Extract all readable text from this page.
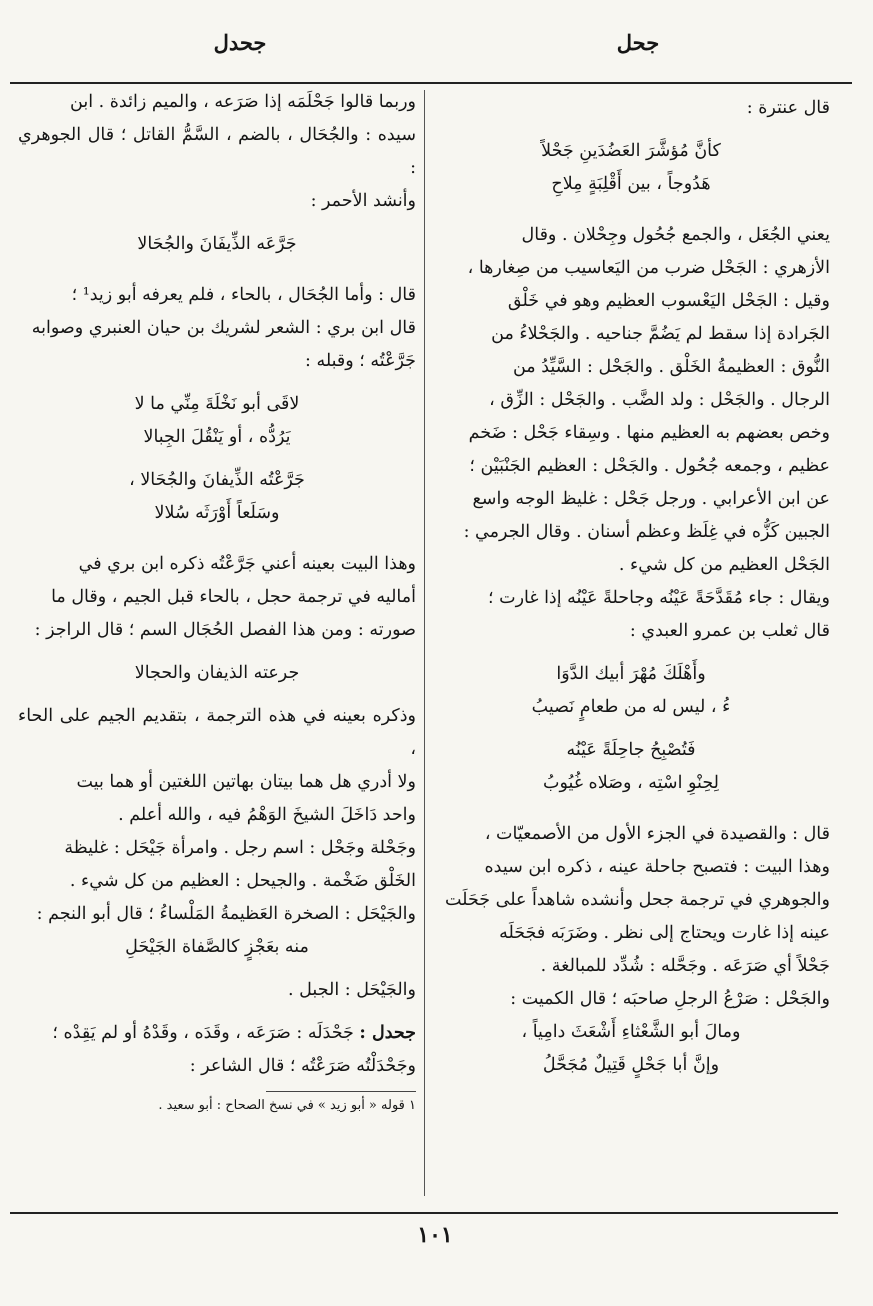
جحل
جحدل

قال عنترة :

كأنَّ مُؤشَّرَ العَضُدَينِ جَحْلاً

هَدُوجاً ، بين أَقْلِبَةٍ مِلاحِ

يعني الجُعَل ، والجمع جُحُول وجِحْلان . وقال

الأزهري : الجَحْل ضرب من اليَعاسيب من صِغارها ،

وقيل : الجَحْل اليَعْسوب العظيم وهو في خَلْق

الجَرادة إذا سقط لم يَضُمَّ جناحيه . والجَحْلاءُ من

النُّوق : العظيمةُ الخَلْق . والجَحْل : السَّيِّدُ من

الرجال . والجَحْل : ولد الضَّب . والجَحْل : الزِّق ،

وخص بعضهم به العظيم منها . وسِقاء جَحْل : ضَخم

عظيم ، وجمعه جُحُول . والجَحْل : العظيم الجَنْبَيْن ؛

عن ابن الأعرابي . ورجل جَحْل : غليظ الوجه واسع

الجبين كَزُّه في غِلَظ وعظم أسنان . وقال الجرمي :

الجَحْل العظيم من كل شيء .

ويقال : جاء مُقَدَّحَةً عَيْنُه وجاحلةً عَيْنُه إذا غارت ؛

قال ثعلب بن عمرو العبدي :

وأَهْلَكَ مُهْرَ أبيك الدَّوَا

ءُ ، ليس له من طعامٍ نَصيبُ

فَتُصْبِحُ جاحِلَةً عَيْنُه

لِحِنْوِ اسْتِه ، وصَلاه غُيُوبُ

قال : والقصيدة في الجزء الأول من الأصمعيّات ،

وهذا البيت : فتصبح جاحلة عينه ، ذكره ابن سيده

والجوهري في ترجمة جحل وأنشده شاهداً على جَحَلَت

عينه إذا غارت ويحتاج إلى نظر . وضَرَبَه فجَحَلَه

جَحْلاً أي صَرَعَه . وجَحَّله : شُدِّد للمبالغة .

والجَحْل : صَرْعُ الرجلِ صاحبَه ؛ قال الكميت :

ومالَ أبو الشَّعْثاءِ أَشْعَثَ دامِياً ،

وإنَّ أبا جَحْلٍ قَتِيلٌ مُجَحَّلُ

وربما قالوا جَحْلَمَه إذا صَرَعه ، والميم زائدة . ابن

سيده : والجُحَال ، بالضم ، السَّمُّ القاتل ؛ قال الجوهري :

وأنشد الأحمر :

جَرَّعَه الذِّيفَانَ والجُحَالا

قال : وأما الجُحَال ، بالحاء ، فلم يعرفه أبو زيد¹ ؛

قال ابن بري : الشعر لشريك بن حيان العنبري وصوابه

جَرَّعْتُه ؛ وقبله :

لاقَى أبو نَخْلَةَ مِنِّي ما لا

يَرُدُّه ، أو يَنْقُلَ الجِبالا

جَرَّعْتُه الذِّيفانَ والجُحَالا ،

وسَلَعاً أَوْرَثَه سُلالا

وهذا البيت بعينه أعني جَرَّعْتُه ذكره ابن بري في

أماليه في ترجمة حجل ، بالحاء قبل الجيم ، وقال ما

صورته : ومن هذا الفصل الحُجَال السم ؛ قال الراجز :

جرعته الذيفان والحجالا

وذكره بعينه في هذه الترجمة ، بتقديم الجيم على الحاء ،

ولا أدري هل هما بيتان بهاتين اللغتين أو هما بيت

واحد دَاخَلَ الشيخَ الوَهْمُ فيه ، والله أعلم .

وجَحْلة وجَحْل : اسم رجل . وامرأة جَيْحَل : غليظة

الخَلْق ضَخْمة . والجيحل : العظيم من كل شيء .

والجَيْحَل : الصخرة العَظيمةُ المَلْساءُ ؛ قال أبو النجم :

منه بعَجْزٍ كالصَّفاة الجَيْحَلِ

والجَيْحَل : الجبل .

جحدل : جَحْدَلَه : صَرَعَه ، وقَدَه ، وقَدْهُ أو لم يَقِدْه ؛

وجَحْدَلْتُه صَرَعْتُه ؛ قال الشاعر :

١ قوله « أبو زيد » في نسخ الصحاح : أبو سعيد .

١٠١
